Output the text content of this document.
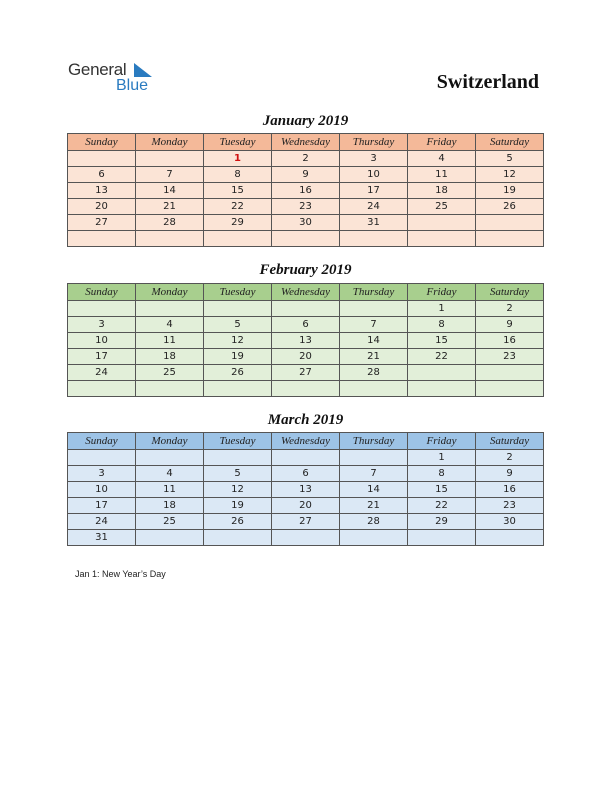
General
Blue	Switzerland
January 2019
Sunday	Monday	Tuesday	Wednesday	Thursday	Friday	Saturday
		1	2	3	4	5
6	7	8	9	10	11	12
13	14	15	16	17	18	19
20	21	22	23	24	25	26
27	28	29	30	31		

February 2019
Sunday	Monday	Tuesday	Wednesday	Thursday	Friday	Saturday
					1	2
3	4	5	6	7	8	9
10	11	12	13	14	15	16
17	18	19	20	21	22	23
24	25	26	27	28		

March 2019
Sunday	Monday	Tuesday	Wednesday	Thursday	Friday	Saturday
					1	2
3	4	5	6	7	8	9
10	11	12	13	14	15	16
17	18	19	20	21	22	23
24	25	26	27	28	29	30
31						
Jan 1: New Year’s Day
